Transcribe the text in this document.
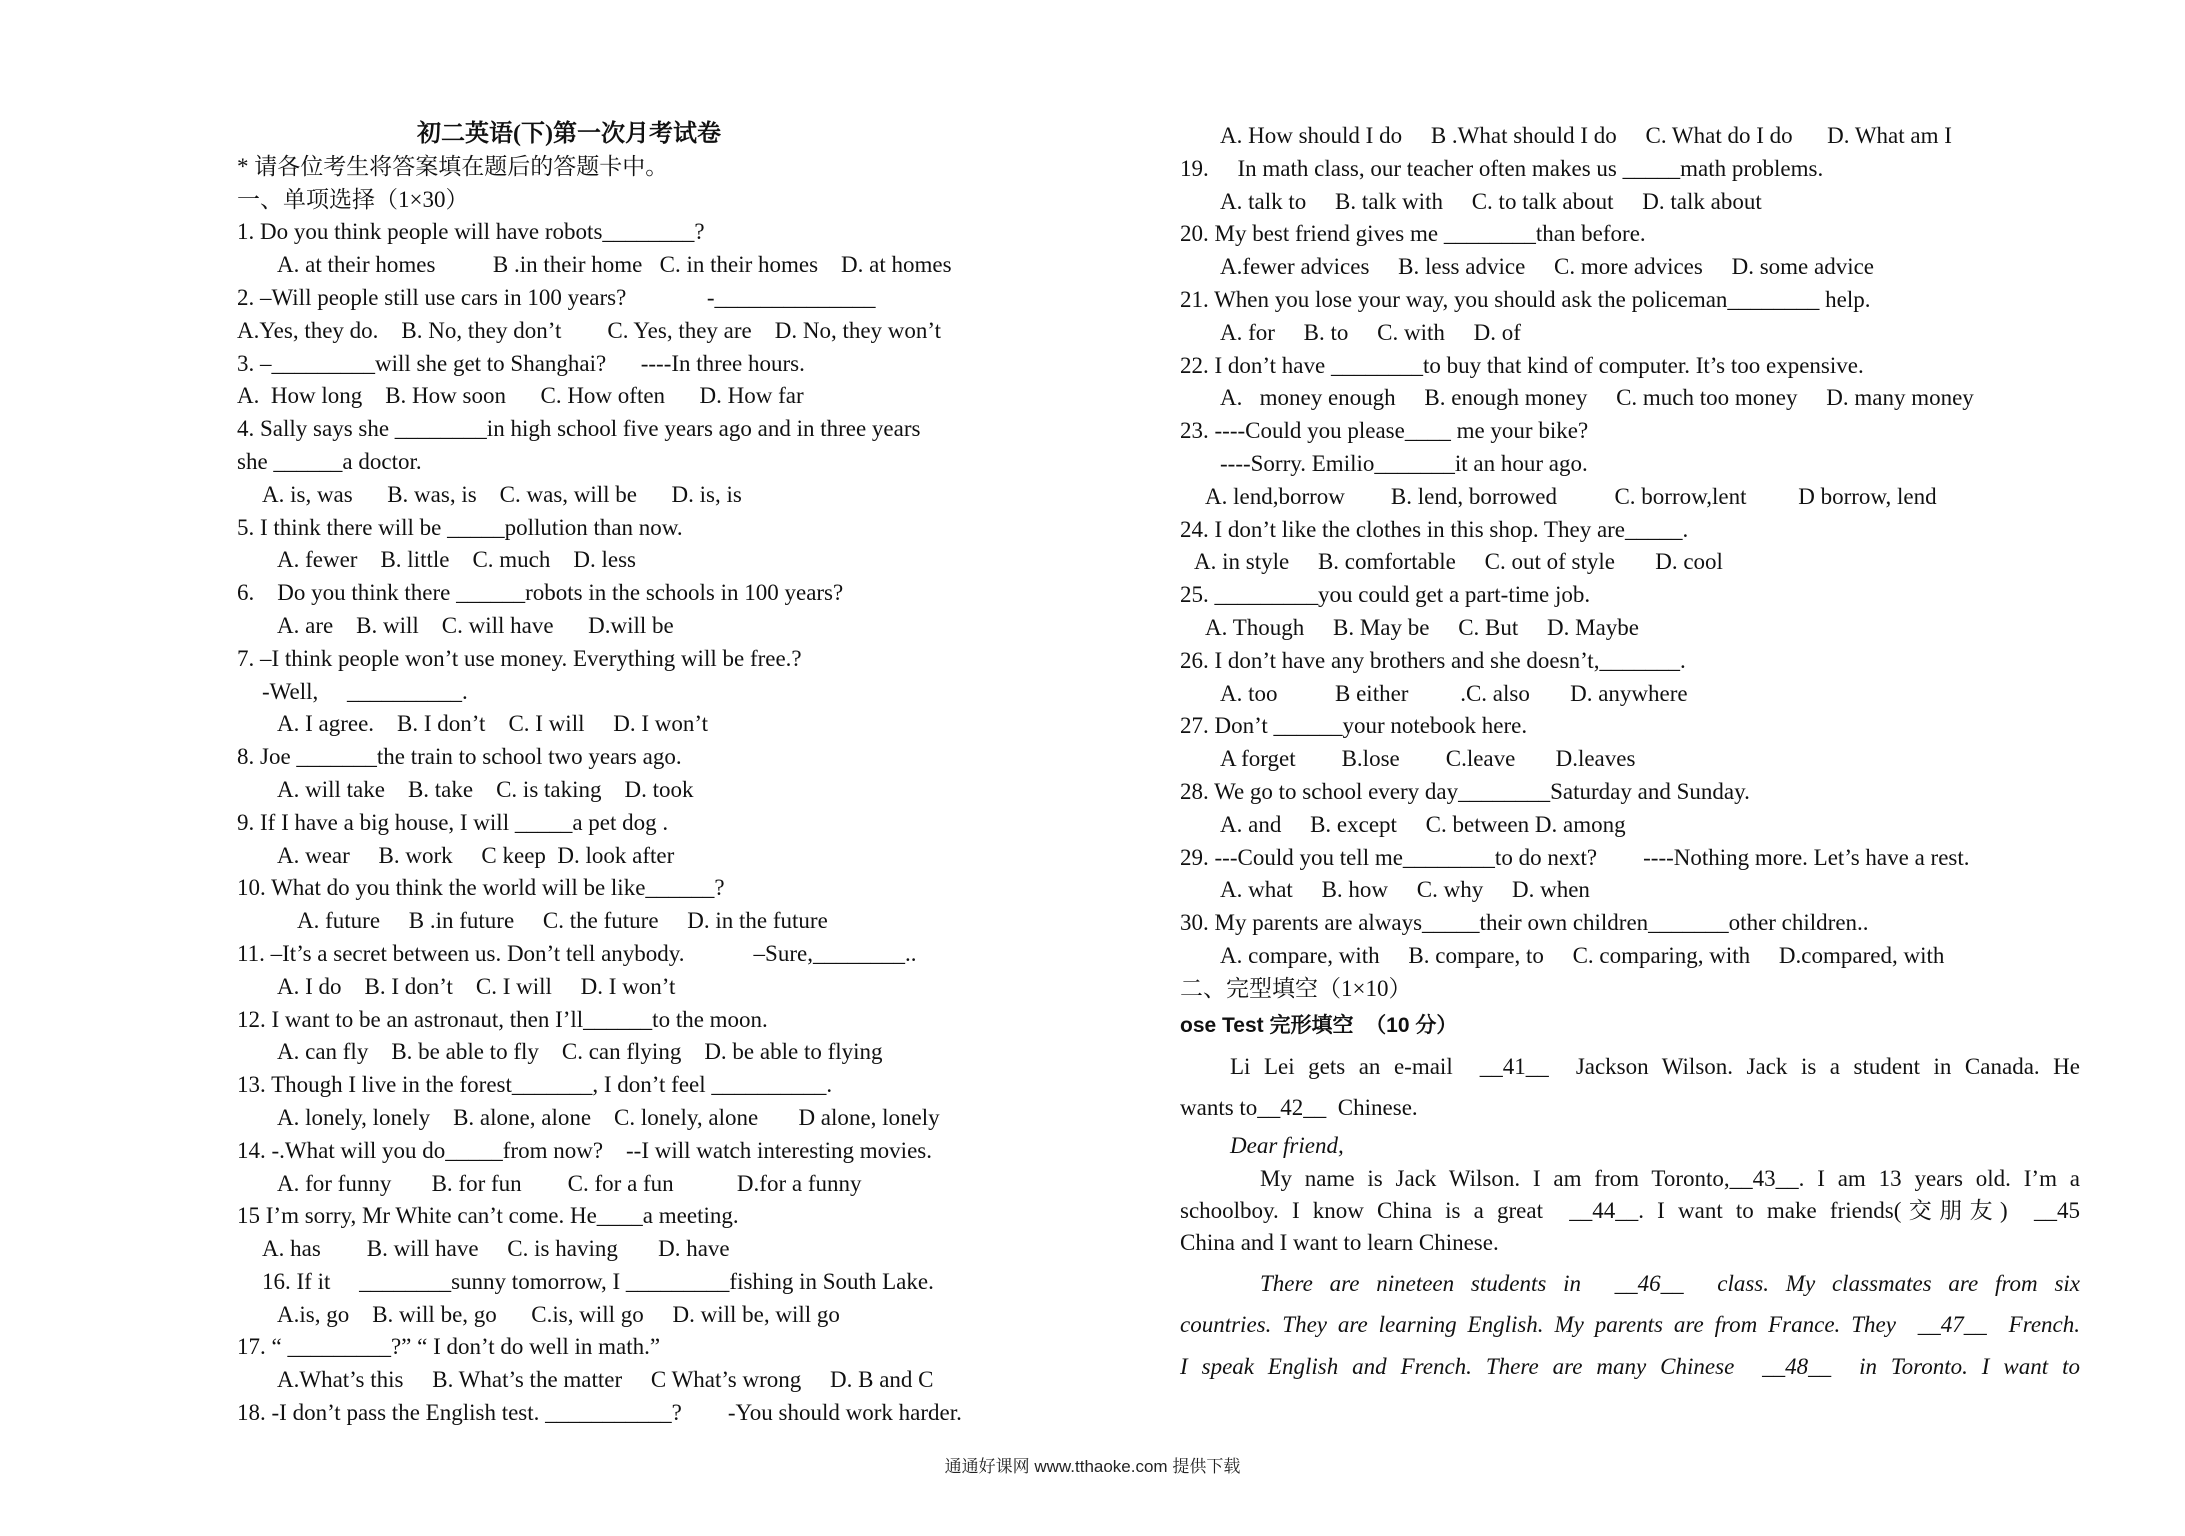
初二英语(下)第一次月考试卷
* 请各位考生将答案填在题后的答题卡中。
一、单项选择（1×30）
1. Do you think people will have robots________?
A. at their homes          B .in their home   C. in their homes    D. at homes
2. –Will people still use cars in 100 years?              -______________
A.Yes, they do.    B. No, they don’t        C. Yes, they are    D. No, they won’t
3. –_________will she get to Shanghai?      ----In three hours.
A.  How long    B. How soon      C. How often      D. How far
4. Sally says she ________in high school five years ago and in three years
she ______a doctor.
A. is, was      B. was, is    C. was, will be      D. is, is
5. I think there will be _____pollution than now.
A. fewer    B. little    C. much    D. less
6.    Do you think there ______robots in the schools in 100 years?
A. are    B. will    C. will have      D.will be
7. –I think people won’t use money. Everything will be free.?
-Well,     __________.
A. I agree.    B. I don’t    C. I will     D. I won’t
8. Joe _______the train to school two years ago.
A. will take    B. take    C. is taking    D. took
9. If I have a big house, I will _____a pet dog .
A. wear     B. work     C keep  D. look after
10. What do you think the world will be like______?
A. future     B .in future     C. the future     D. in the future
11. –It’s a secret between us. Don’t tell anybody.            –Sure,________..
A. I do    B. I don’t    C. I will     D. I won’t
12. I want to be an astronaut, then I’ll______to the moon.
A. can fly    B. be able to fly    C. can flying    D. be able to flying
13. Though I live in the forest_______, I don’t feel __________.
A. lonely, lonely    B. alone, alone    C. lonely, alone       D alone, lonely
14. -.What will you do_____from now?    --I will watch interesting movies.
A. for funny       B. for fun        C. for a fun           D.for a funny
15 I’m sorry, Mr White can’t come. He____a meeting.
A. has        B. will have     C. is having       D. have
16. If it     ________sunny tomorrow, I _________fishing in South Lake.
A.is, go    B. will be, go      C.is, will go     D. will be, will go
17. “ _________?” “ I don’t do well in math.”
A.What’s this     B. What’s the matter     C What’s wrong     D. B and C
18. -I don’t pass the English test. ___________?        -You should work harder.
A. How should I do     B .What should I do     C. What do I do      D. What am I
19.     In math class, our teacher often makes us _____math problems.
A. talk to     B. talk with     C. to talk about     D. talk about
20. My best friend gives me ________than before.
A.fewer advices     B. less advice     C. more advices     D. some advice
21. When you lose your way, you should ask the policeman________ help.
A. for     B. to     C. with     D. of
22. I don’t have ________to buy that kind of computer. It’s too expensive.
A.   money enough     B. enough money     C. much too money     D. many money
23. ----Could you please____ me your bike?
----Sorry. Emilio_______it an hour ago.
A. lend,borrow        B. lend, borrowed          C. borrow,lent         D borrow, lend
24. I don’t like the clothes in this shop. They are_____.
A. in style     B. comfortable     C. out of style       D. cool
25. _________you could get a part-time job.
A. Though     B. May be     C. But     D. Maybe
26. I don’t have any brothers and she doesn’t,_______.
A. too          B either         .C. also       D. anywhere
27. Don’t ______your notebook here.
A forget        B.lose        C.leave       D.leaves
28. We go to school every day________Saturday and Sunday.
A. and     B. except     C. between D. among
29. ---Could you tell me________to do next?        ----Nothing more. Let’s have a rest.
A. what     B. how     C. why     D. when
30. My parents are always_____their own children_______other children..
A. compare, with     B. compare, to     C. comparing, with     D.compared, with
二、完型填空（1×10）
ose Test 完形填空  （10 分）
Li Lei gets an e-mail  __41__  Jackson Wilson. Jack is a student in Canada. He
wants to__42__  Chinese.
Dear friend,
My name is Jack Wilson. I am from Toronto,__43__. I am 13 years old. I’m a
schoolboy. I know China is a great  __44__. I want to make friends(交朋友)  __45
China and I want to learn Chinese.
There are nineteen students in  __46__  class. My classmates are from six
countries. They are learning English. My parents are from France. They  __47__  French.
I speak English and French. There are many Chinese  __48__  in Toronto. I want to
通通好课网 www.tthaoke.com 提供下载
